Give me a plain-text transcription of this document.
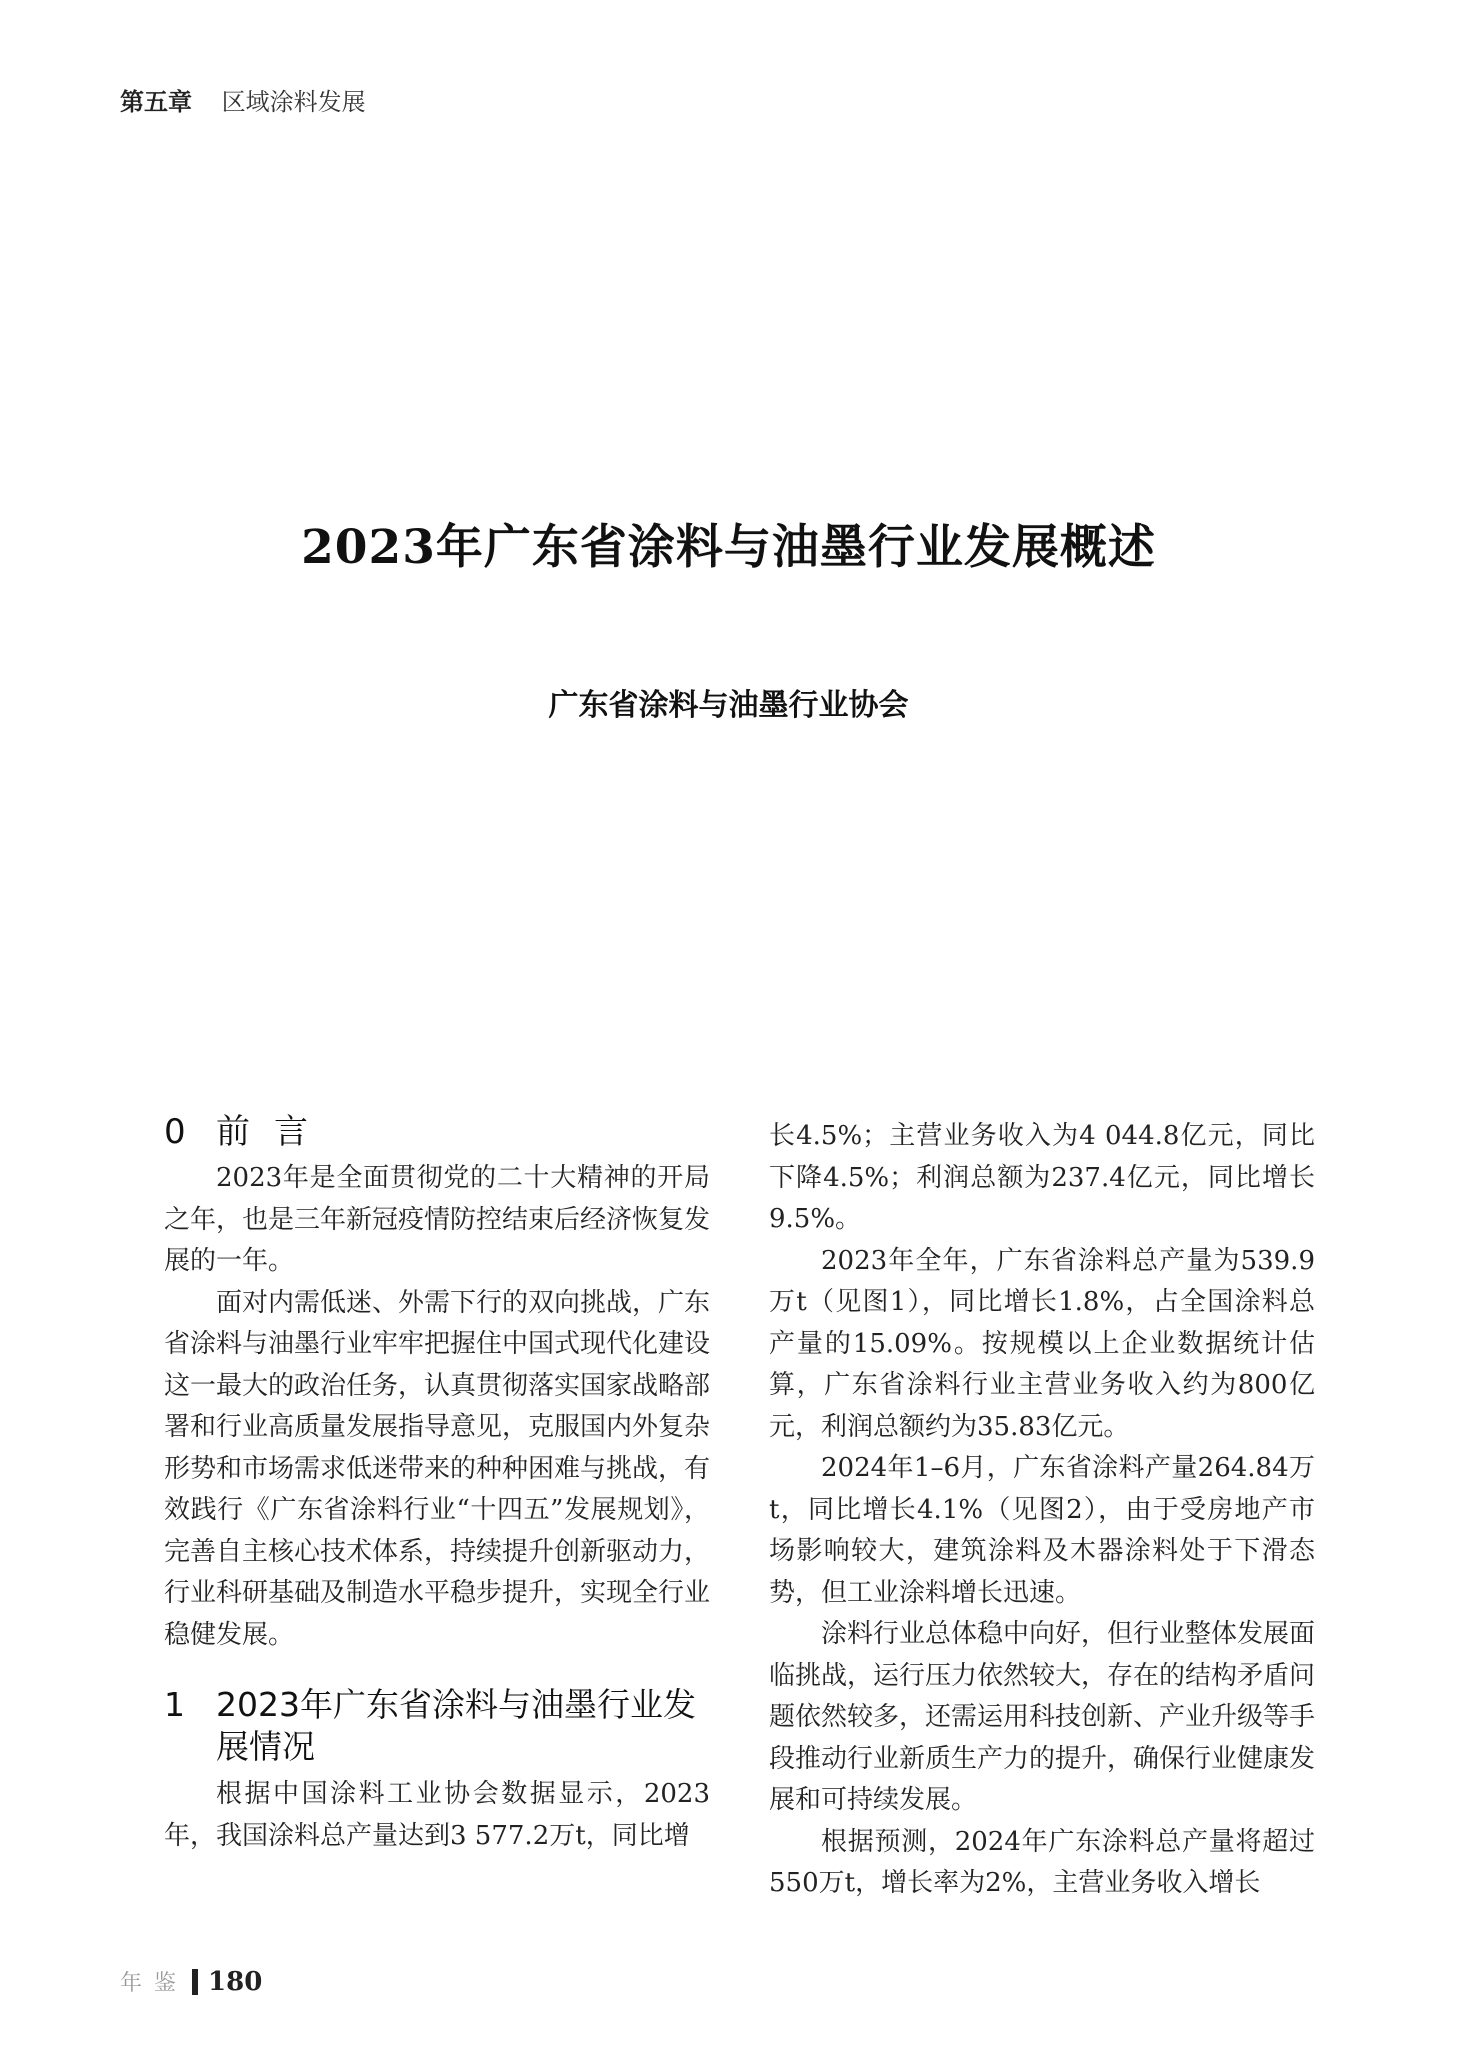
第五章 区域涂料发展
2023年广东省涂料与油墨行业发展概述
广东省涂料与油墨行业协会
0 前言

2023年是全面贯彻党的二十大精神的开局之年，也是三年新冠疫情防控结束后经济恢复发展的一年。

面对内需低迷、外需下行的双向挑战，广东省涂料与油墨行业牢牢把握住中国式现代化建设这一最大的政治任务，认真贯彻落实国家战略部署和行业高质量发展指导意见，克服国内外复杂形势和市场需求低迷带来的种种困难与挑战，有效践行《广东省涂料行业“十四五”发展规划》，完善自主核心技术体系，持续提升创新驱动力，行业科研基础及制造水平稳步提升，实现全行业稳健发展。

1 2023年广东省涂料与油墨行业发展情况

根据中国涂料工业协会数据显示，2023年，我国涂料总产量达到3 577.2万t，同比增

长4.5%；主营业务收入为4 044.8亿元，同比下降4.5%；利润总额为237.4亿元，同比增长9.5%。

2023年全年，广东省涂料总产量为539.9万t（见图1），同比增长1.8%，占全国涂料总产量的15.09%。按规模以上企业数据统计估算，广东省涂料行业主营业务收入约为800亿元，利润总额约为35.83亿元。

2024年1–6月，广东省涂料产量264.84万t，同比增长4.1%（见图2），由于受房地产市场影响较大，建筑涂料及木器涂料处于下滑态势，但工业涂料增长迅速。

涂料行业总体稳中向好，但行业整体发展面临挑战，运行压力依然较大，存在的结构矛盾问题依然较多，还需运用科技创新、产业升级等手段推动行业新质生产力的提升，确保行业健康发展和可持续发展。

根据预测，2024年广东涂料总产量将超过550万t，增长率为2%，主营业务收入增长

年鉴 180
